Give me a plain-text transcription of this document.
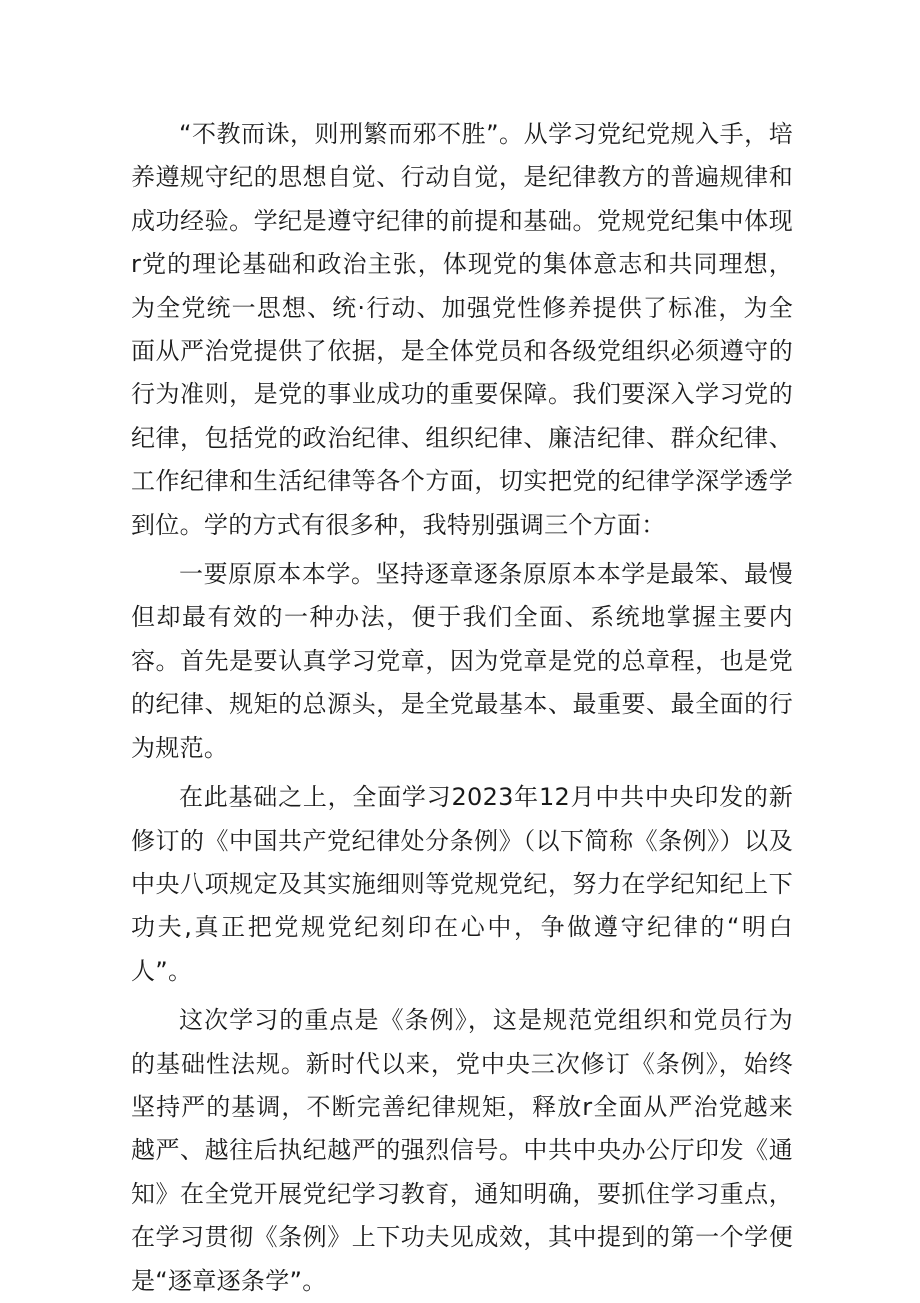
“不教而诛，则刑繁而邪不胜”。从学习党纪党规入手，培养遵规守纪的思想自觉、行动自觉，是纪律教方的普遍规律和成功经验。学纪是遵守纪律的前提和基础。党规党纪集中体现r党的理论基础和政治主张，体现党的集体意志和共同理想，为全党统一思想、统·行动、加强党性修养提供了标准，为全面从严治党提供了依据，是全体党员和各级党组织必须遵守的行为准则，是党的事业成功的重要保障。我们要深入学习党的纪律，包括党的政治纪律、组织纪律、廉洁纪律、群众纪律、工作纪律和生活纪律等各个方面，切实把党的纪律学深学透学到位。学的方式有很多种，我特别强调三个方面：

一要原原本本学。坚持逐章逐条原原本本学是最笨、最慢但却最有效的一种办法，便于我们全面、系统地掌握主要内容。首先是要认真学习党章，因为党章是党的总章程，也是党的纪律、规矩的总源头，是全党最基本、最重要、最全面的行为规范。

在此基础之上，全面学习2023年12月中共中央印发的新修订的《中国共产党纪律处分条例》（以下简称《条例》）以及中央八项规定及其实施细则等党规党纪，努力在学纪知纪上下功夫,真正把党规党纪刻印在心中，争做遵守纪律的“明白人”。

这次学习的重点是《条例》，这是规范党组织和党员行为的基础性法规。新时代以来，党中央三次修订《条例》，始终坚持严的基调，不断完善纪律规矩，释放r全面从严治党越来越严、越往后执纪越严的强烈信号。中共中央办公厅印发《通知》在全党开展党纪学习教育，通知明确，要抓住学习重点，在学习贯彻《条例》上下功夫见成效，其中提到的第一个学便是“逐章逐条学”。
